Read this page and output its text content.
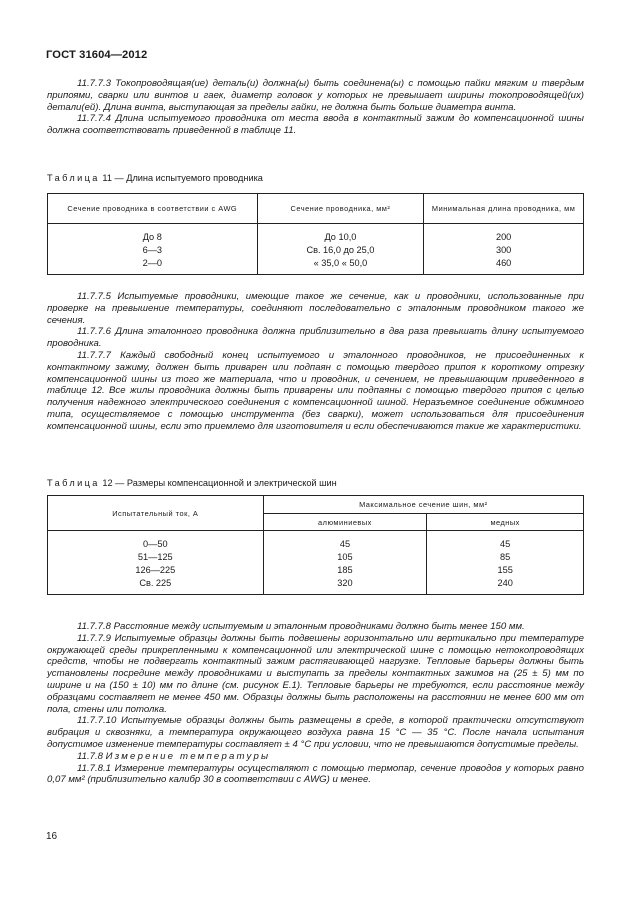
ГОСТ 31604—2012

11.7.7.3 Токопроводящая(ие) деталь(и) должна(ы) быть соединена(ы) с помощью пайки мягким и твердым припоями, сварки или винтов и гаек, диаметр головок у которых не превышает ширины токопроводящей(их) детали(ей). Длина винта, выступающая за пределы гайки, не должна быть больше диаметра винта.

11.7.7.4 Длина испытуемого проводника от места ввода в контактный зажим до компенсационной шины должна соответствовать приведенной в таблице 11.

Таблица 11 — Длина испытуемого проводника
Сечение проводника в соответствии с AWG	Сечение проводника, мм²	Минимальная длина проводника, мм
До 8	До 10,0	200
6—3	Св. 16,0 до 25,0	300
2—0	« 35,0 « 50,0	460

11.7.7.5 Испытуемые проводники, имеющие такое же сечение, как и проводники, использованные при проверке на превышение температуры, соединяют последовательно с эталонным проводником такого же сечения.

11.7.7.6 Длина эталонного проводника должна приблизительно в два раза превышать длину испытуемого проводника.

11.7.7.7 Каждый свободный конец испытуемого и эталонного проводников, не присоединенных к контактному зажиму, должен быть приварен или подпаян с помощью твердого припоя к короткому отрезку компенсационной шины из того же материала, что и проводник, и сечением, не превышающим приведенного в таблице 12. Все жилы проводника должны быть приварены или подпаяны с помощью твердого припоя с целью получения надежного электрического соединения с компенсационной шиной. Неразъемное соединение обжимного типа, осуществляемое с помощью инструмента (без сварки), может использоваться для присоединения компенсационной шины, если это приемлемо для изготовителя и если обеспечиваются такие же характеристики.

Таблица 12 — Размеры компенсационной и электрической шин
Испытательный ток, А	Максимальное сечение шин, мм²	
	алюминиевых	медных
0—50	45	45
51—125	105	85
126—225	185	155
Св. 225	320	240

11.7.7.8 Расстояние между испытуемым и эталонным проводниками должно быть менее 150 мм.

11.7.7.9 Испытуемые образцы должны быть подвешены горизонтально или вертикально при температуре окружающей среды прикрепленными к компенсационной или электрической шине с помощью нетокопроводящих средств, чтобы не подвергать контактный зажим растягивающей нагрузке. Тепловые барьеры должны быть установлены посредине между проводниками и выступать за пределы контактных зажимов на (25 ± 5) мм по ширине и на (150 ± 10) мм по длине (см. рисунок Е.1). Тепловые барьеры не требуются, если расстояние между образцами составляет не менее 450 мм. Образцы должны быть расположены на расстоянии не менее 600 мм от пола, стены или потолка.

11.7.7.10 Испытуемые образцы должны быть размещены в среде, в которой практически отсутствуют вибрация и сквозняки, а температура окружающего воздуха равна 15 °С — 35 °С. После начала испытания допустимое изменение температуры составляет ± 4 °С при условии, что не превышаются допустимые пределы.

11.7.8 Измерение температуры

11.7.8.1 Измерение температуры осуществляют с помощью термопар, сечение проводов у которых равно 0,07 мм² (приблизительно калибр 30 в соответствии с AWG) и менее.

16
